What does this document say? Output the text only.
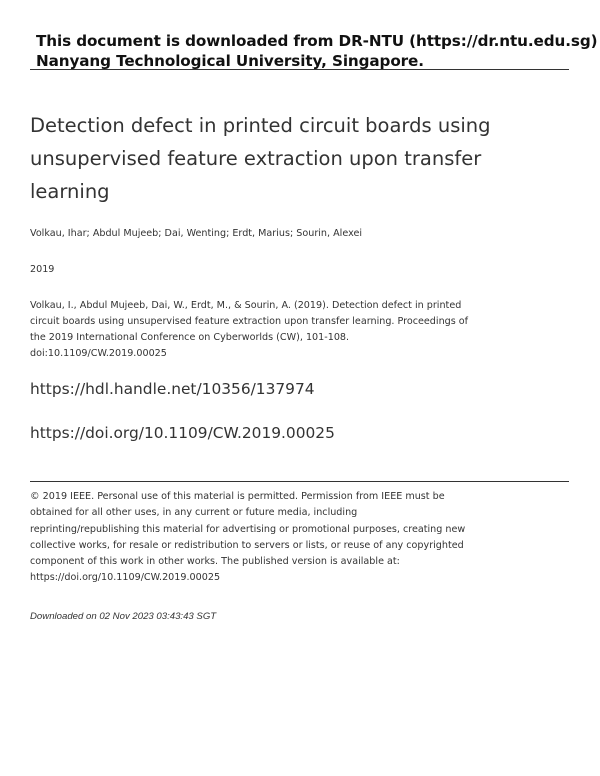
This document is downloaded from DR-NTU (https://dr.ntu.edu.sg)
Nanyang Technological University, Singapore.
Detection defect in printed circuit boards using unsupervised feature extraction upon transfer learning
Volkau, Ihar; Abdul Mujeeb; Dai, Wenting; Erdt, Marius; Sourin, Alexei
2019
Volkau, I., Abdul Mujeeb, Dai, W., Erdt, M., & Sourin, A. (2019). Detection defect in printed
circuit boards using unsupervised feature extraction upon transfer learning. Proceedings of
the 2019 International Conference on Cyberworlds (CW), 101-108.
doi:10.1109/CW.2019.00025
https://hdl.handle.net/10356/137974
https://doi.org/10.1109/CW.2019.00025
© 2019 IEEE. Personal use of this material is permitted. Permission from IEEE must be
obtained for all other uses, in any current or future media, including
reprinting/republishing this material for advertising or promotional purposes, creating new
collective works, for resale or redistribution to servers or lists, or reuse of any copyrighted
component of this work in other works. The published version is available at:
https://doi.org/10.1109/CW.2019.00025
Downloaded on 02 Nov 2023 03:43:43 SGT
